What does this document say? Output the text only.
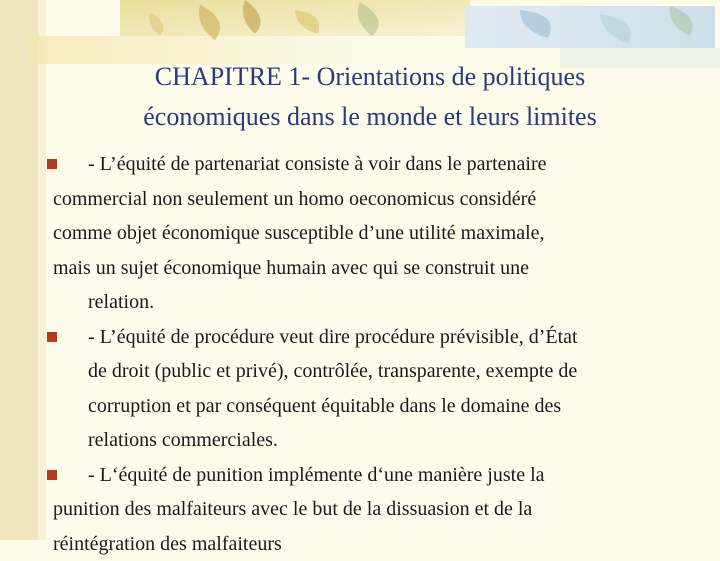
CHAPITRE 1- Orientations de politiques
économiques dans le monde et leurs limites
- L’équité de partenariat consiste à voir dans le partenaire
commercial non seulement un homo oeconomicus considéré
comme objet économique susceptible d’une utilité maximale,
mais un sujet économique humain avec qui se construit une
relation.
- L’équité de procédure veut dire procédure prévisible, d’État
de droit (public et privé), contrôlée, transparente, exempte de
corruption et par conséquent équitable dans le domaine des
relations commerciales.
- L‘équité de punition implémente d‘une manière juste la
punition des malfaiteurs avec le but de la dissuasion et de la
réintégration des malfaiteurs
